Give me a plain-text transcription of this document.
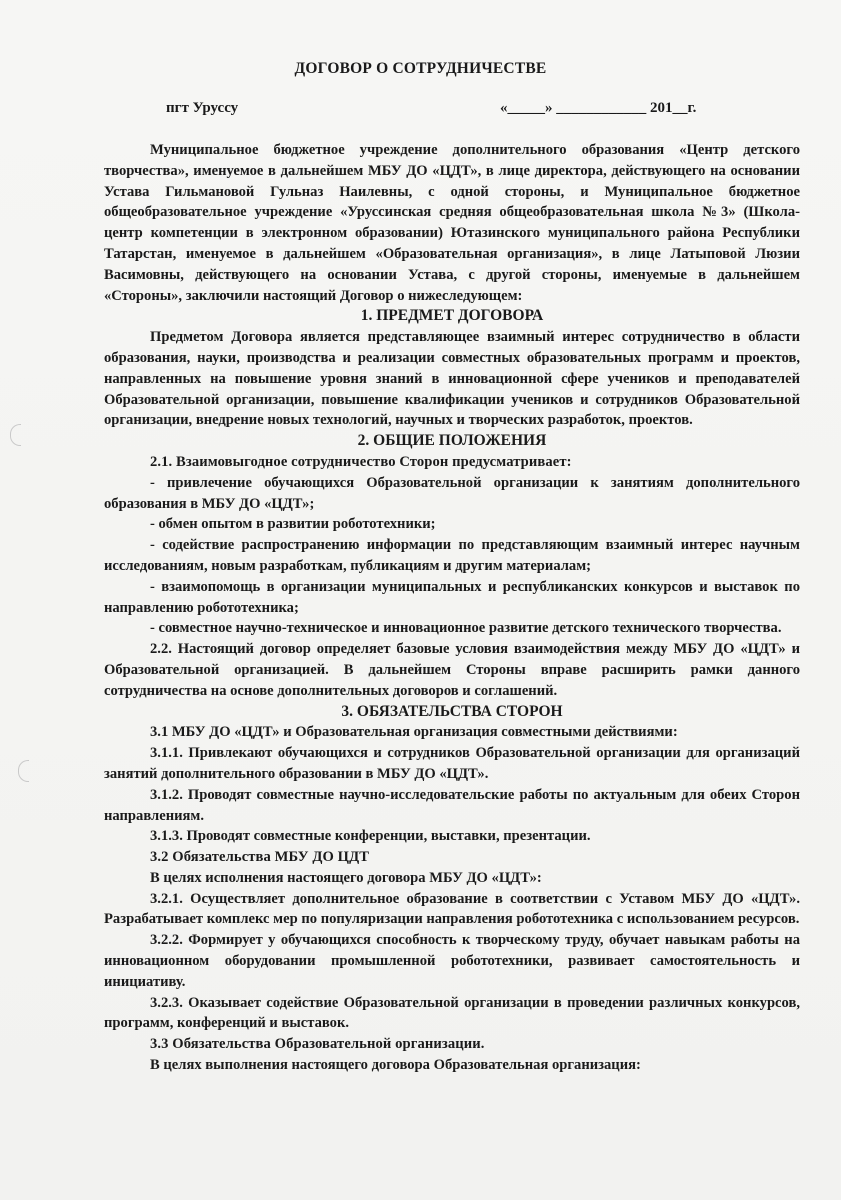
ДОГОВОР О СОТРУДНИЧЕСТВЕ
пгт Уруссу	«_____» ____________ 201__г.

Муниципальное бюджетное учреждение дополнительного образования «Центр детского творчества», именуемое в дальнейшем МБУ ДО «ЦДТ», в лице директора, действующего на основании Устава Гильмановой Гульназ Наилевны, с одной стороны, и Муниципальное бюджетное общеобразовательное учреждение «Уруссинская средняя общеобразовательная школа №3» (Школа-центр компетенции в электронном образовании) Ютазинского муниципального района Республики Татарстан, именуемое в дальнейшем «Образовательная организация», в лице Латыповой Люзии Васимовны, действующего на основании Устава, с другой стороны, именуемые в дальнейшем «Стороны», заключили настоящий Договор о нижеследующем:

1. ПРЕДМЕТ ДОГОВОРА

Предметом Договора является представляющее взаимный интерес сотрудничество в области образования, науки, производства и реализации совместных образовательных программ и проектов, направленных на повышение уровня знаний в инновационной сфере учеников и преподавателей Образовательной организации, повышение квалификации учеников и сотрудников Образовательной организации, внедрение новых технологий, научных и творческих разработок, проектов.

2. ОБЩИЕ ПОЛОЖЕНИЯ

2.1. Взаимовыгодное сотрудничество Сторон предусматривает:

- привлечение обучающихся Образовательной организации к занятиям дополнительного образования в МБУ ДО «ЦДТ»;

- обмен опытом в развитии робототехники;

- содействие распространению информации по представляющим взаимный интерес научным исследованиям, новым разработкам, публикациям и другим материалам;

- взаимопомощь в организации муниципальных и республиканских конкурсов и выставок по направлению робототехника;

- совместное научно-техническое и инновационное развитие детского технического творчества.

2.2. Настоящий договор определяет базовые условия взаимодействия между МБУ ДО «ЦДТ» и Образовательной организацией. В дальнейшем Стороны вправе расширить рамки данного сотрудничества на основе дополнительных договоров и соглашений.

3. ОБЯЗАТЕЛЬСТВА СТОРОН

3.1 МБУ ДО «ЦДТ» и Образовательная организация совместными действиями:

3.1.1. Привлекают обучающихся и сотрудников Образовательной организации для организаций занятий дополнительного образовании в МБУ ДО «ЦДТ».

3.1.2. Проводят совместные научно-исследовательские работы по актуальным для обеих Сторон направлениям.

3.1.3. Проводят совместные конференции, выставки, презентации.

3.2 Обязательства МБУ ДО ЦДТ

В целях исполнения настоящего договора МБУ ДО «ЦДТ»:

3.2.1. Осуществляет дополнительное образование в соответствии с Уставом МБУ ДО «ЦДТ». Разрабатывает комплекс мер по популяризации направления робототехника с использованием ресурсов.

3.2.2. Формирует у обучающихся способность к творческому труду, обучает навыкам работы на инновационном оборудовании промышленной робототехники, развивает самостоятельность и инициативу.

3.2.3. Оказывает содействие Образовательной организации в проведении различных конкурсов, программ, конференций и выставок.

3.3 Обязательства Образовательной организации.

В целях выполнения настоящего договора Образовательная организация:
